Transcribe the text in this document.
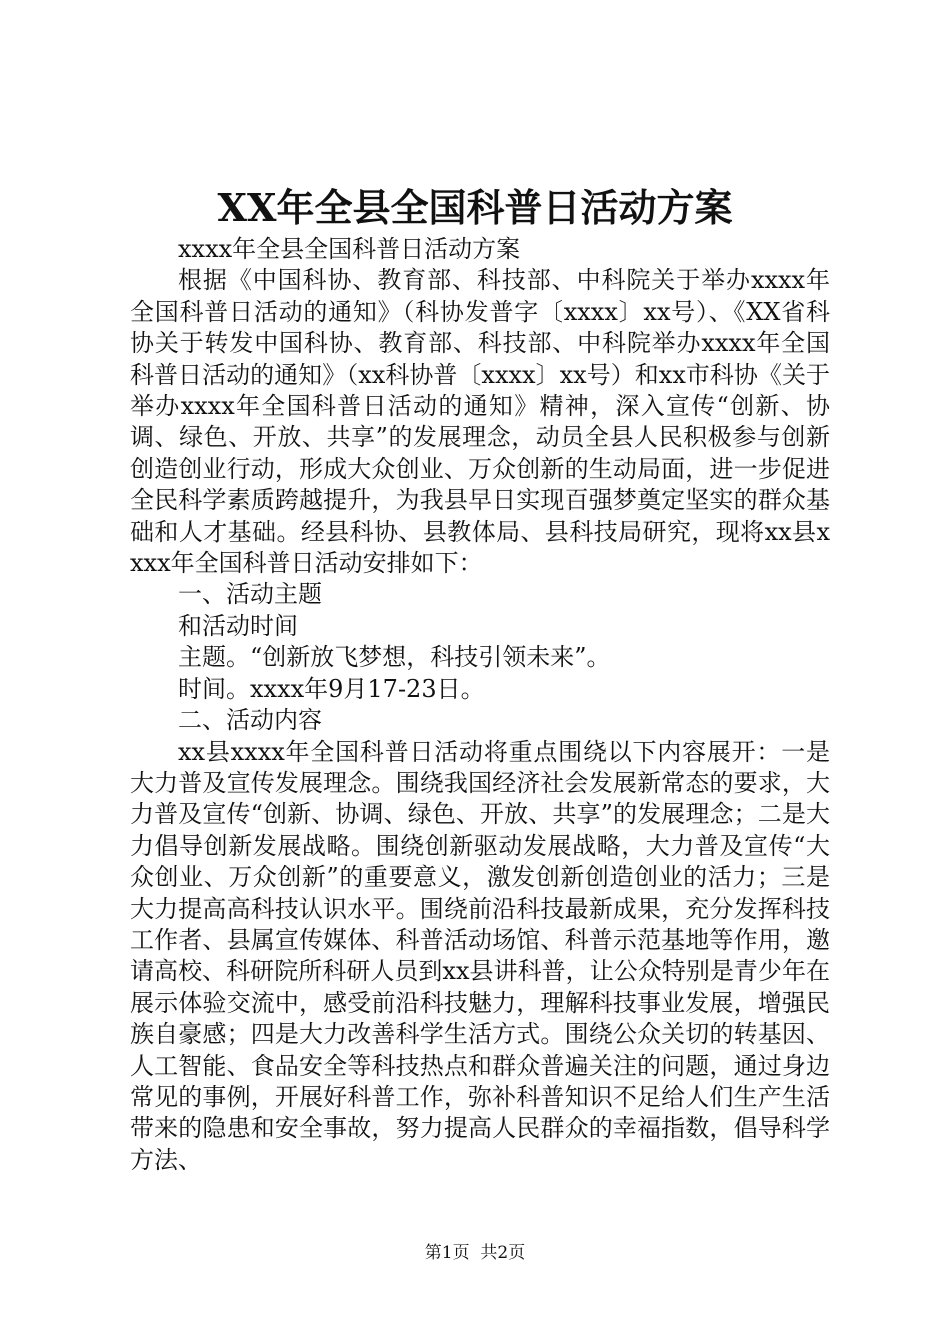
XX年全县全国科普日活动方案

xxxx年全县全国科普日活动方案

根据《中国科协、教育部、科技部、中科院关于举办xxxx年全国科普日活动的通知》（科协发普字〔xxxx〕xx号）、《XX省科协关于转发中国科协、教育部、科技部、中科院举办xxxx年全国科普日活动的通知》（xx科协普〔xxxx〕xx号）和xx市科协《关于举办xxxx年全国科普日活动的通知》精神，深入宣传“创新、协调、绿色、开放、共享”的发展理念，动员全县人民积极参与创新创造创业行动，形成大众创业、万众创新的生动局面，进一步促进全民科学素质跨越提升，为我县早日实现百强梦奠定坚实的群众基础和人才基础。经县科协、县教体局、县科技局研究，现将xx县xxxx年全国科普日活动安排如下：

一、活动主题

和活动时间

主题。“创新放飞梦想，科技引领未来”。

时间。xxxx年9月17-23日。

二、活动内容

xx县xxxx年全国科普日活动将重点围绕以下内容展开：一是大力普及宣传发展理念。围绕我国经济社会发展新常态的要求，大力普及宣传“创新、协调、绿色、开放、共享”的发展理念；二是大力倡导创新发展战略。围绕创新驱动发展战略，大力普及宣传“大众创业、万众创新”的重要意义，激发创新创造创业的活力；三是大力提高高科技认识水平。围绕前沿科技最新成果，充分发挥科技工作者、县属宣传媒体、科普活动场馆、科普示范基地等作用，邀请高校、科研院所科研人员到xx县讲科普，让公众特别是青少年在展示体验交流中，感受前沿科技魅力，理解科技事业发展，增强民族自豪感；四是大力改善科学生活方式。围绕公众关切的转基因、人工智能、食品安全等科技热点和群众普遍关注的问题，通过身边常见的事例，开展好科普工作，弥补科普知识不足给人们生产生活带来的隐患和安全事故，努力提高人民群众的幸福指数，倡导科学方法、

第1页  共2页
